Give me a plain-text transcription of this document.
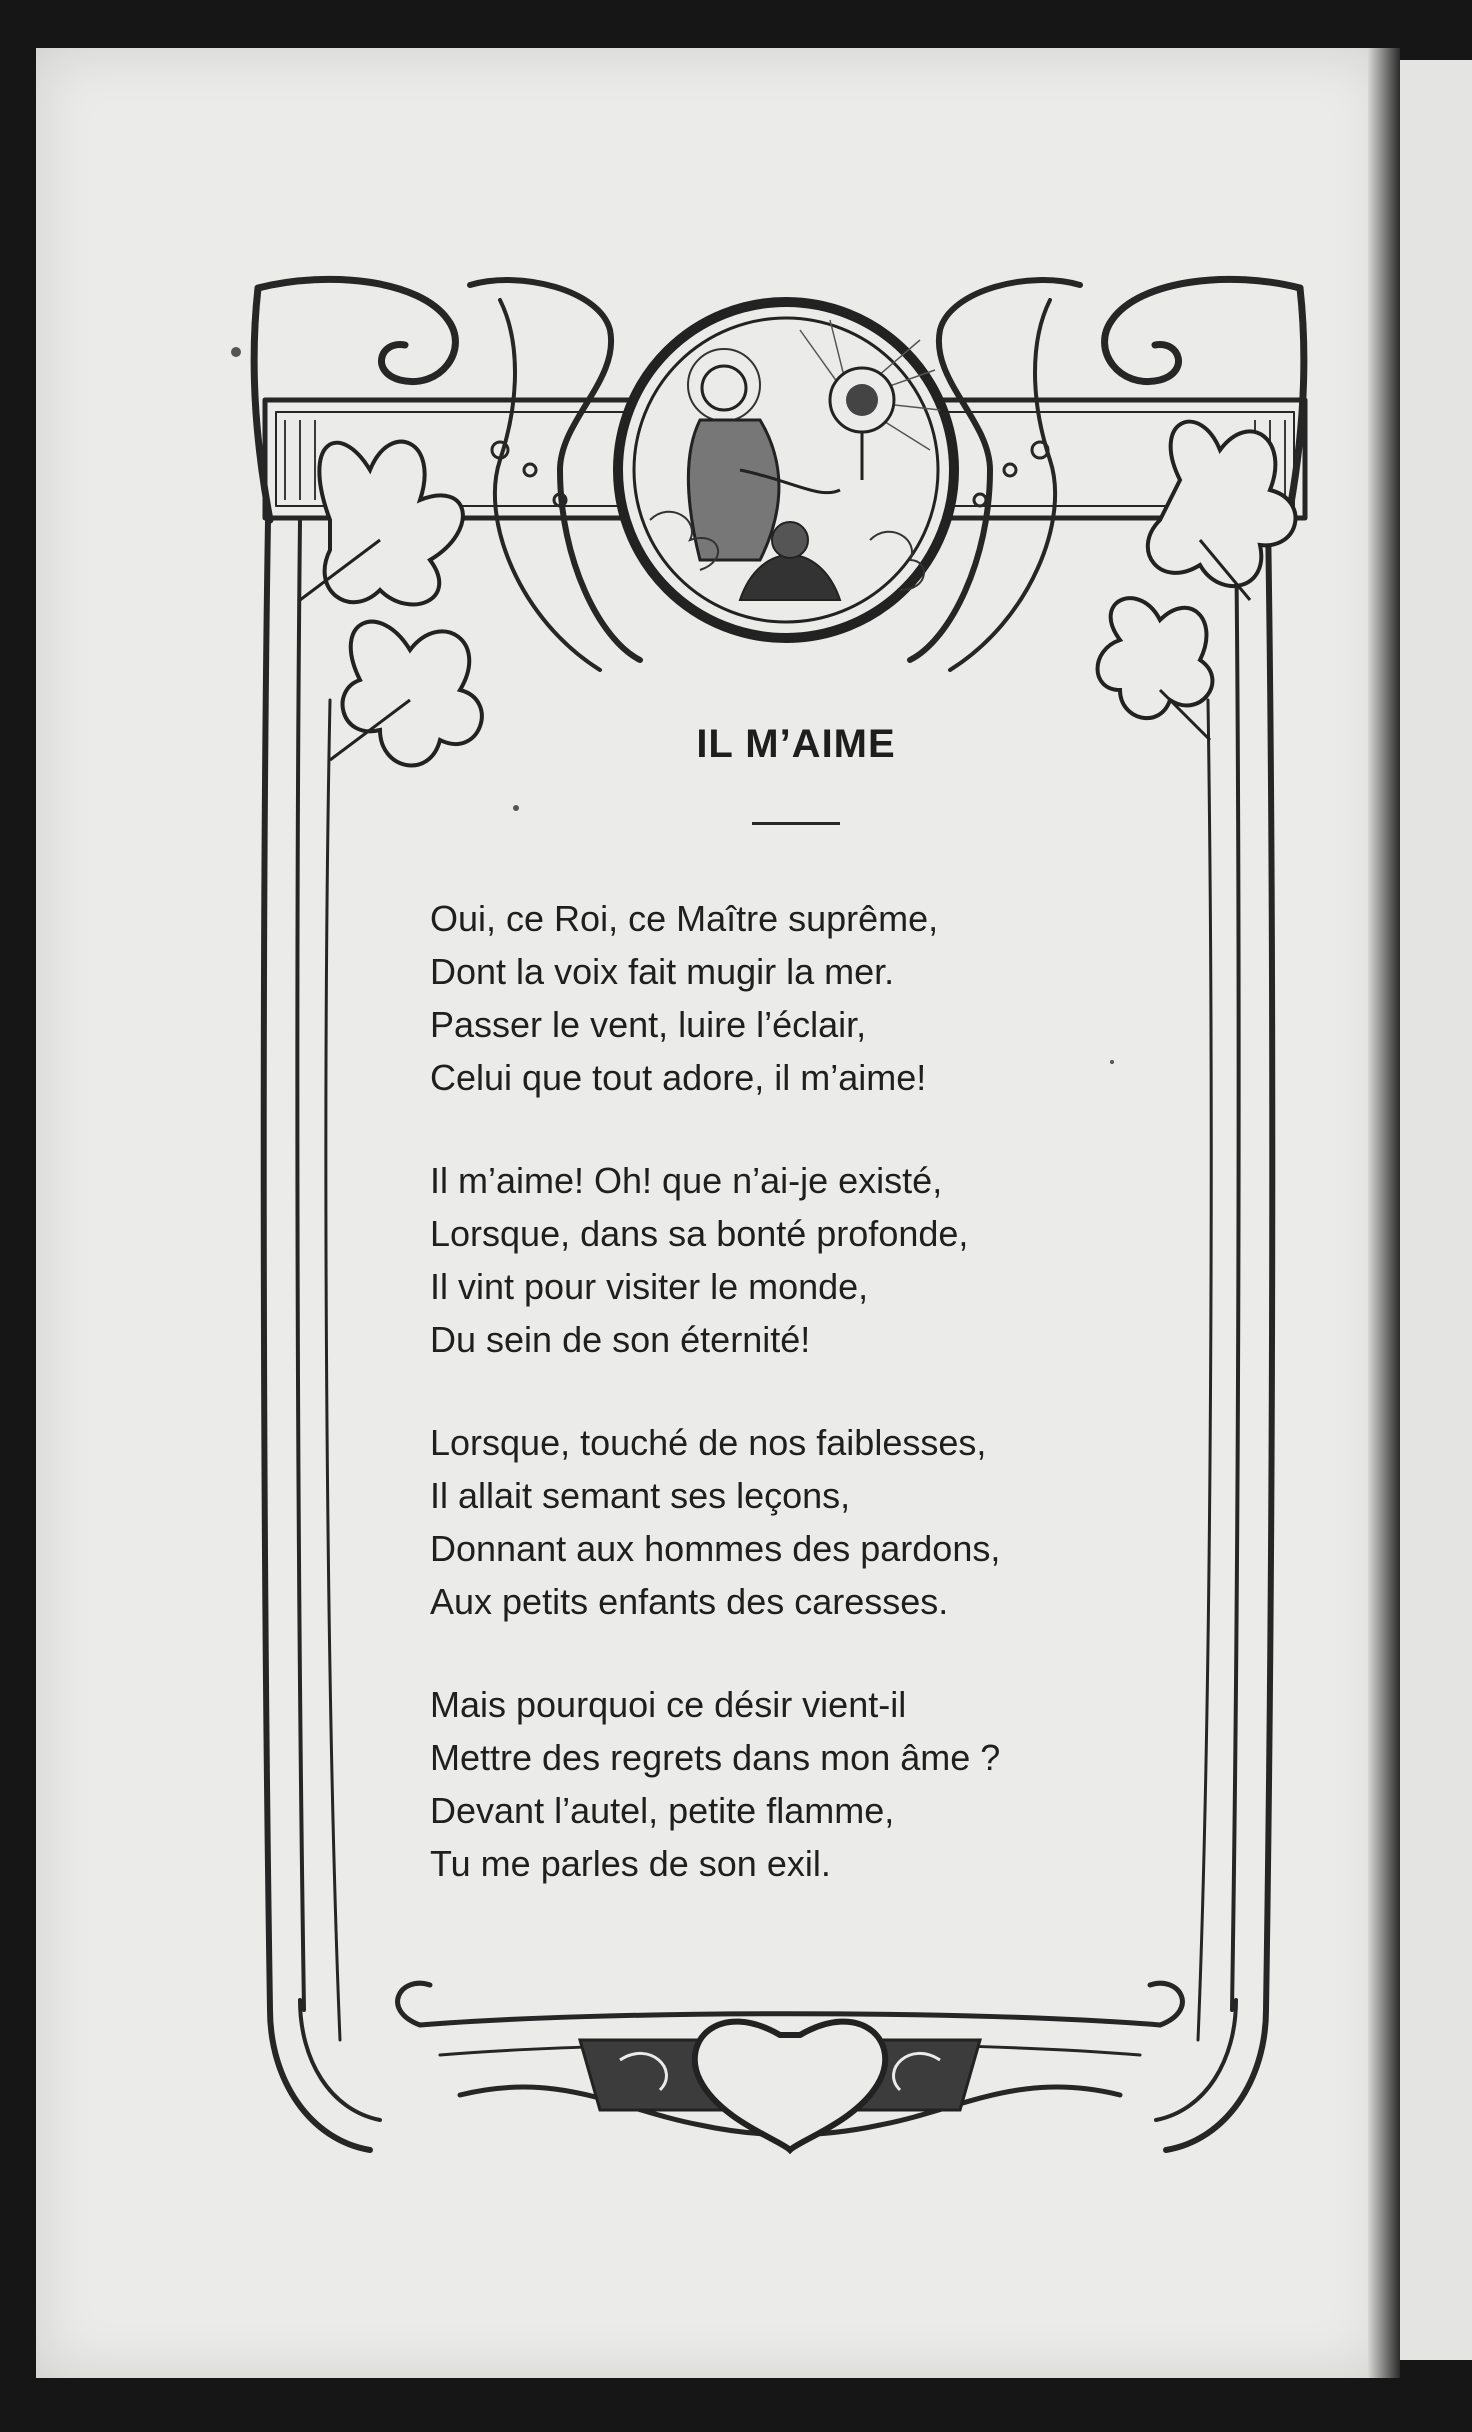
IL M’AIME
Oui, ce Roi, ce Maître suprême,
Dont la voix fait mugir la mer.
Passer le vent, luire l’éclair,
Celui que tout adore, il m’aime!
Il m’aime! Oh! que n’ai-je existé,
Lorsque, dans sa bonté profonde,
Il vint pour visiter le monde,
Du sein de son éternité!
Lorsque, touché de nos faiblesses,
Il allait semant ses leçons,
Donnant aux hommes des pardons,
Aux petits enfants des caresses.
Mais pourquoi ce désir vient-il
Mettre des regrets dans mon âme ?
Devant l’autel, petite flamme,
Tu me parles de son exil.
